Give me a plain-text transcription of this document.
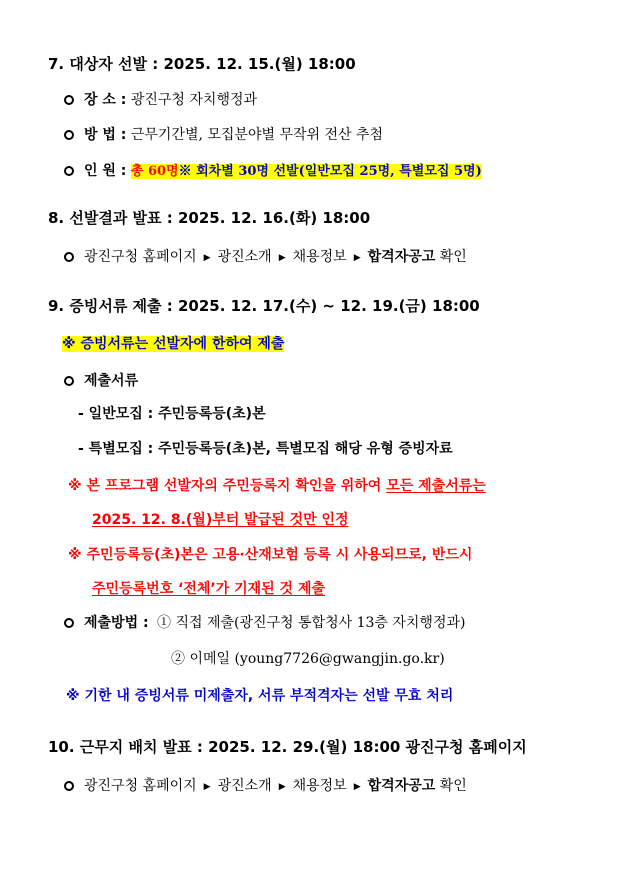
7. 대상자 선발 : 2025. 12. 15.(월) 18:00
장 소 : 광진구청 자치행정과
방 법 : 근무기간별, 모집분야별 무작위 전산 추첨
인 원 : 총 60명※ 회차별 30명 선발(일반모집 25명, 특별모집 5명)
8. 선발결과 발표 : 2025. 12. 16.(화) 18:00
광진구청 홈페이지 ▶ 광진소개 ▶ 채용정보 ▶ 합격자공고 확인
9. 증빙서류 제출 : 2025. 12. 17.(수) ~ 12. 19.(금) 18:00
※ 증빙서류는 선발자에 한하여 제출
제출서류
- 일반모집 : 주민등록등(초)본
- 특별모집 : 주민등록등(초)본, 특별모집 해당 유형 증빙자료
※ 본 프로그램 선발자의 주민등록지 확인을 위하여 모든 제출서류는
2025. 12. 8.(월)부터 발급된 것만 인정
※ 주민등록등(초)본은 고용·산재보험 등록 시 사용되므로, 반드시
주민등록번호 ‘전체’가 기재된 것 제출
제출방법 : ① 직접 제출(광진구청 통합청사 13층 자치행정과)
② 이메일 (young7726@gwangjin.go.kr)
※ 기한 내 증빙서류 미제출자, 서류 부적격자는 선발 무효 처리
10. 근무지 배치 발표 : 2025. 12. 29.(월) 18:00 광진구청 홈페이지
광진구청 홈페이지 ▶ 광진소개 ▶ 채용정보 ▶ 합격자공고 확인
